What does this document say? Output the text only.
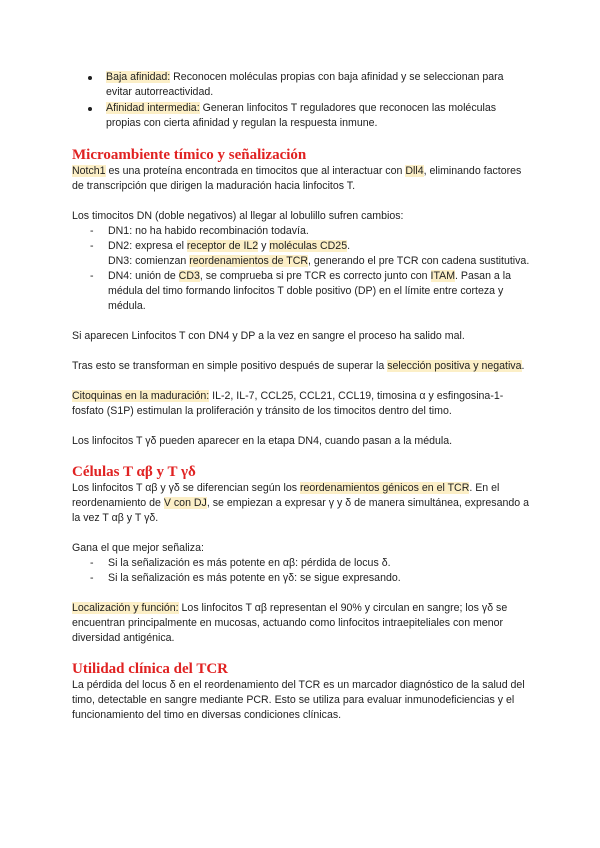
Baja afinidad: Reconocen moléculas propias con baja afinidad y se seleccionan para evitar autorreactividad.
Afinidad intermedia: Generan linfocitos T reguladores que reconocen las moléculas propias con cierta afinidad y regulan la respuesta inmune.
Microambiente tímico y señalización

Notch1 es una proteína encontrada en timocitos que al interactuar con Dll4, eliminando factores de transcripción que dirigen la maduración hacia linfocitos T.

Los timocitos DN (doble negativos) al llegar al lobulillo sufren cambios:

- DN1: no ha habido recombinación todavía.
- DN2: expresa el receptor de IL2 y moléculas CD25.
DN3: comienzan reordenamientos de TCR, generando el pre TCR con cadena sustitutiva.
- DN4: unión de CD3, se comprueba si pre TCR es correcto junto con ITAM. Pasan a la médula del timo formando linfocitos T doble positivo (DP) en el límite entre corteza y médula.

Si aparecen Linfocitos T con DN4 y DP a la vez en sangre el proceso ha salido mal.

Tras esto se transforman en simple positivo después de superar la selección positiva y negativa.

Citoquinas en la maduración: IL-2, IL-7, CCL25, CCL21, CCL19, timosina α y esfingosina-1-fosfato (S1P) estimulan la proliferación y tránsito de los timocitos dentro del timo.

Los linfocitos T γδ pueden aparecer en la etapa DN4, cuando pasan a la médula.

Células T αβ y T γδ

Los linfocitos T αβ y γδ se diferencian según los reordenamientos génicos en el TCR. En el reordenamiento de V con DJ, se empiezan a expresar γ y δ de manera simultánea, expresando a la vez T αβ y T γδ.

Gana el que mejor señaliza:

- Si la señalización es más potente en αβ: pérdida de locus δ.
- Si la señalización es más potente en γδ: se sigue expresando.

Localización y función: Los linfocitos T αβ representan el 90% y circulan en sangre; los γδ se encuentran principalmente en mucosas, actuando como linfocitos intraepiteliales con menor diversidad antigénica.

Utilidad clínica del TCR

La pérdida del locus δ en el reordenamiento del TCR es un marcador diagnóstico de la salud del timo, detectable en sangre mediante PCR. Esto se utiliza para evaluar inmunodeficiencias y el funcionamiento del timo en diversas condiciones clínicas.
